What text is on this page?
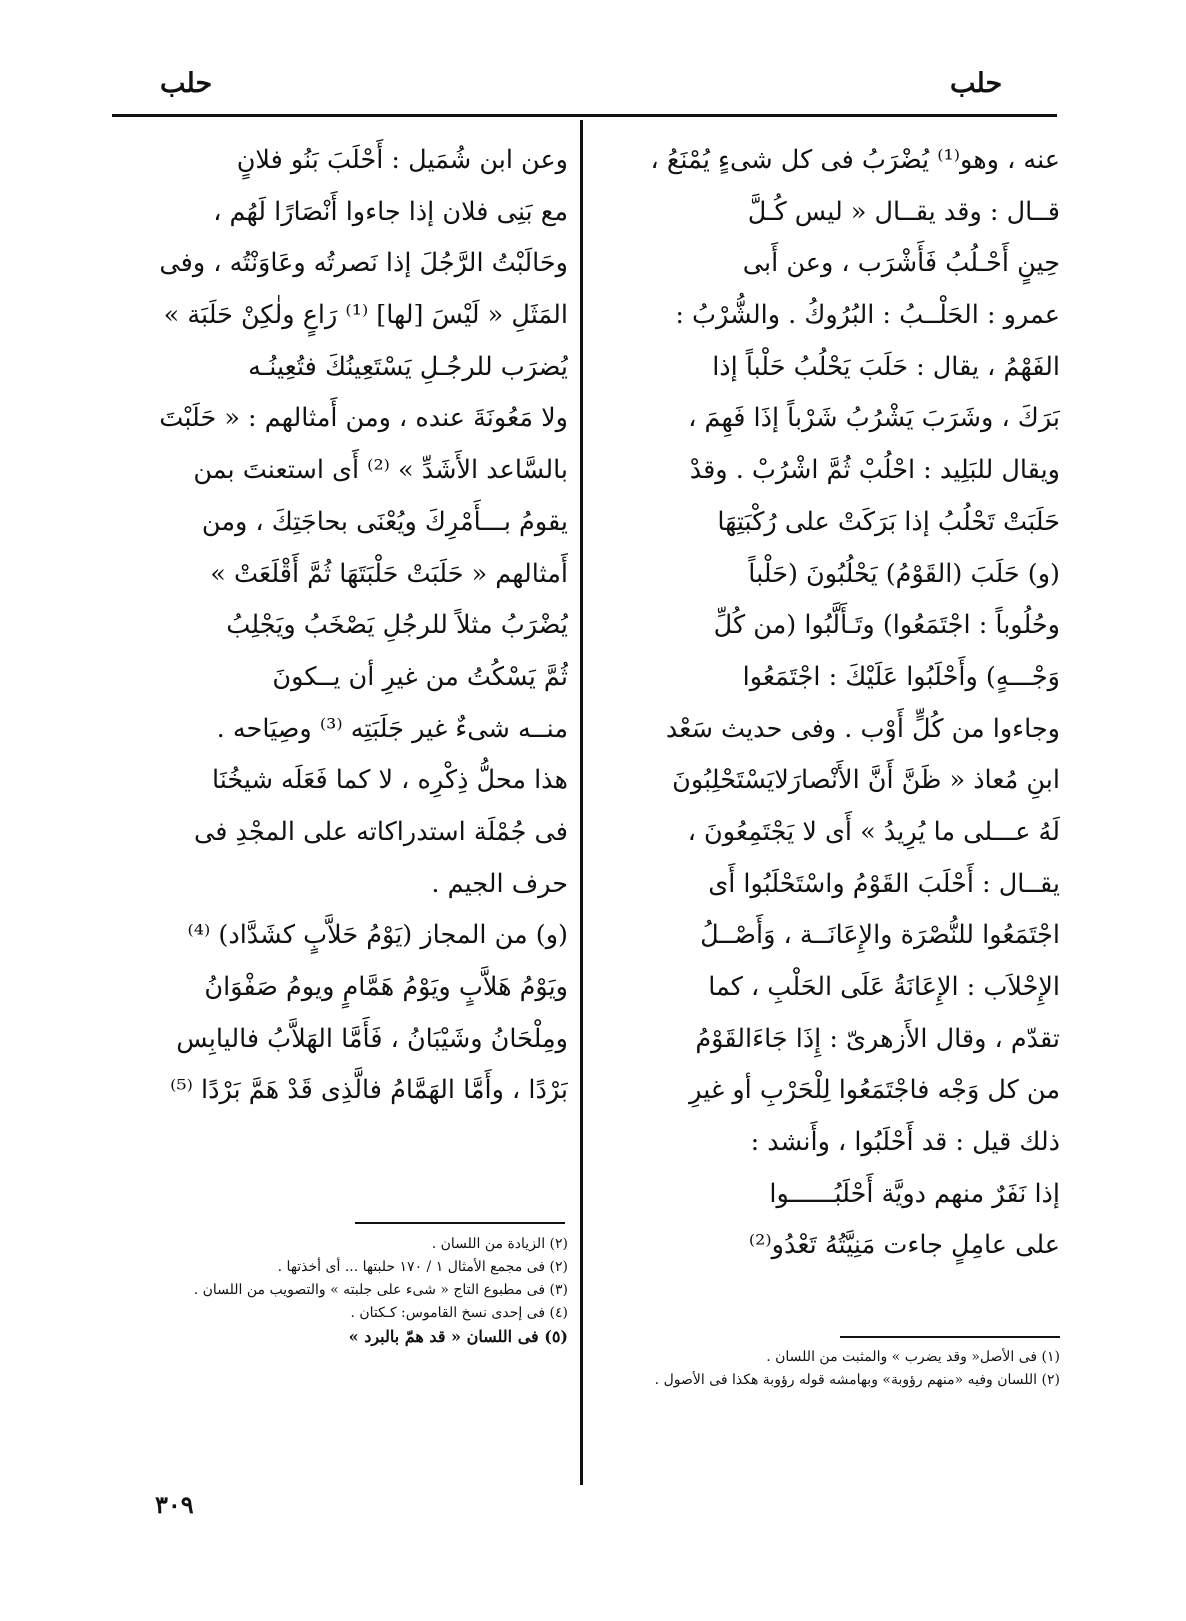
حلب
حلب
عنه ، وهو⁽¹⁾ يُضْرَبُ فى كل شىءٍ يُمْنَعُ ،
قــال : وقد يقــال « ليس كُـلَّ
حِينٍ أَحْـلُبُ فَأَشْرَب ، وعن أَبى
عمرو : الحَلْــبُ : البُرُوكُ . والشُّرْبُ :
الفَهْمُ ، يقال : حَلَبَ يَحْلُبُ حَلْباً إذا
بَرَكَ ، وشَرَبَ يَشْرُبُ شَرْباً إذَا فَهِمَ ،
ويقال للبَلِيد : احْلُبْ ثُمَّ اشْرُبْ . وقدْ
حَلَبَتْ تَحْلُبُ إذا بَرَكَتْ على رُكْبَتِهَا
(و) حَلَبَ (القَوْمُ) يَحْلُبُونَ (حَلْباً
وحُلُوباً : اجْتَمَعُوا) وتَـأَلَّبُوا (من كُلِّ
وَجْـــهٍ) وأَحْلَبُوا عَلَيْكَ : اجْتَمَعُوا
وجاءوا من كُلٍّ أَوْب . وفى حديث سَعْد
ابنِ مُعاذ « ظَنَّ أَنَّ الأَنْصارَلايَسْتَحْلِبُونَ
لَهُ عـــلى ما يُرِيدُ » أَى لا يَجْتَمِعُونَ ،
يقــال : أَحْلَبَ القَوْمُ واسْتَحْلَبُوا أَى
اجْتَمَعُوا للنُّصْرَة والإِعَانَــة ، وَأَصْــلُ
الإِحْلاَب : الإِعَانَةُ عَلَى الحَلْبِ ، كما
تقدّم ، وقال الأَزهرىّ : إِذَا جَاءَالقَوْمُ
من كل وَجْه فاجْتَمَعُوا لِلْحَرْبِ أو غيرِ
ذلك قيل : قد أَحْلَبُوا ، وأَنشد :
إذا نَفَرٌ منهم دويَّة أَحْلَبُــــــوا
على عامِلٍ جاءت مَنِيَّتُهُ تَعْدُو⁽²⁾
وعن ابن شُمَيل : أَحْلَبَ بَنُو فلانٍ
مع بَنِى فلان إذا جاءوا أَنْصَارًا لَهُم ،
وحَالَبْتُ الرَّجُلَ إذا نَصرتُه وعَاوَنْتُه ، وفى
المَثَلِ « لَيْسَ [لها] ⁽¹⁾ رَاعٍ ولٰكِنْ حَلَبَة »
يُضرَب للرجُـلِ يَسْتَعِينُكَ فتُعِينُـه
ولا مَعُونَةَ عنده ، ومن أَمثالهم : « حَلَبْتَ
بالسَّاعد الأَشَدِّ » ⁽²⁾ أَى استعنتَ بمن
يقومُ بـــأَمْرِكَ ويُعْنَى بحاجَتِكَ ، ومن
أَمثالهم « حَلَبَتْ حَلْبَتَهَا ثُمَّ أَقْلَعَتْ »
يُضْرَبُ مثلاً للرجُلِ يَصْخَبُ ويَجْلِبُ
ثُمَّ يَسْكُتُ من غيرِ أن يــكونَ
منــه شىءٌ غير جَلَبَتِه ⁽³⁾ وصِيَاحه .
هذا محلُّ ذِكْرِه ، لا كما فَعَلَه شيخُنَا
فى جُمْلَة استدراكاته على المجْدِ فى
حرف الجيم .
(و) من المجاز (يَوْمُ حَلاَّبٍ كشَدَّاد) ⁽⁴⁾
ويَوْمُ هَلاَّبٍ ويَوْمُ هَمَّامٍ ويومُ صَفْوَانُ
ومِلْحَانُ وشَيْبَانُ ، فَأَمَّا الهَلاَّبُ فاليابِس
بَرْدًا ، وأَمَّا الهَمَّامُ فالَّذِى قَدْ هَمَّ بَرْدًا ⁽⁵⁾
(٢) الزيادة من اللسان .
(٢) فى مجمع الأمثال ١ / ١٧٠ حلبتها ... أى أخذتها .
(٣) فى مطبوع التاج « شىء على جلبته » والتصويب من اللسان .
(٤) فى إحدى نسخ القاموس: كـكتان .
(٥) فى اللسان « قد همّ بالبرد »
(١) فى الأصل« وقد يضرب » والمثبت من اللسان .
(٢) اللسان وفيه «منهم رؤوبة» وبهامشه قوله رؤوبة هكذا فى الأصول .
٣٠٩
